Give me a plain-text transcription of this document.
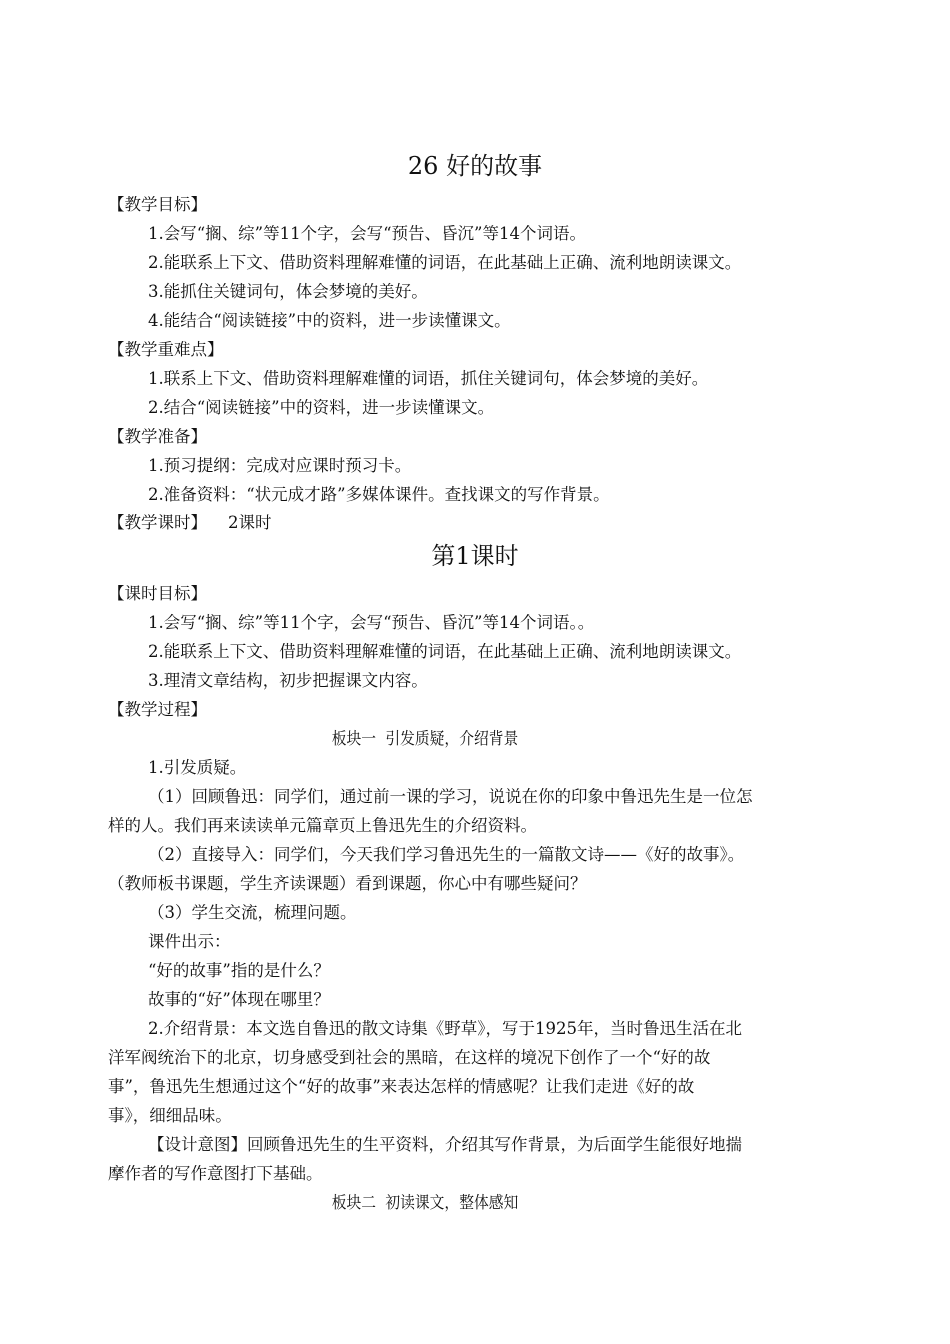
26 好的故事
【教学目标】
1.会写“搁、综”等11个字，会写“预告、昏沉”等14个词语。
2.能联系上下文、借助资料理解难懂的词语，在此基础上正确、流利地朗读课文。
3.能抓住关键词句，体会梦境的美好。
4.能结合“阅读链接”中的资料，进一步读懂课文。
【教学重难点】
1.联系上下文、借助资料理解难懂的词语，抓住关键词句，体会梦境的美好。
2.结合“阅读链接”中的资料，进一步读懂课文。
【教学准备】
1.预习提纲：完成对应课时预习卡。
2.准备资料：“状元成才路”多媒体课件。查找课文的写作背景。
【教学课时】    2课时
第1课时
【课时目标】
1.会写“搁、综”等11个字，会写“预告、昏沉”等14个词语。。
2.能联系上下文、借助资料理解难懂的词语，在此基础上正确、流利地朗读课文。
3.理清文章结构，初步把握课文内容。
【教学过程】
板块一  引发质疑，介绍背景
1.引发质疑。
（1）回顾鲁迅：同学们，通过前一课的学习，说说在你的印象中鲁迅先生是一位怎
样的人。我们再来读读单元篇章页上鲁迅先生的介绍资料。
（2）直接导入：同学们，今天我们学习鲁迅先生的一篇散文诗——《好的故事》。
（教师板书课题，学生齐读课题）看到课题，你心中有哪些疑问？
（3）学生交流，梳理问题。
课件出示：
“好的故事”指的是什么？
故事的“好”体现在哪里？
2.介绍背景：本文选自鲁迅的散文诗集《野草》，写于1925年，当时鲁迅生活在北
洋军阀统治下的北京，切身感受到社会的黑暗，在这样的境况下创作了一个“好的故
事”，鲁迅先生想通过这个“好的故事”来表达怎样的情感呢？让我们走进《好的故
事》，细细品味。
【设计意图】回顾鲁迅先生的生平资料，介绍其写作背景，为后面学生能很好地揣
摩作者的写作意图打下基础。
板块二  初读课文，整体感知
